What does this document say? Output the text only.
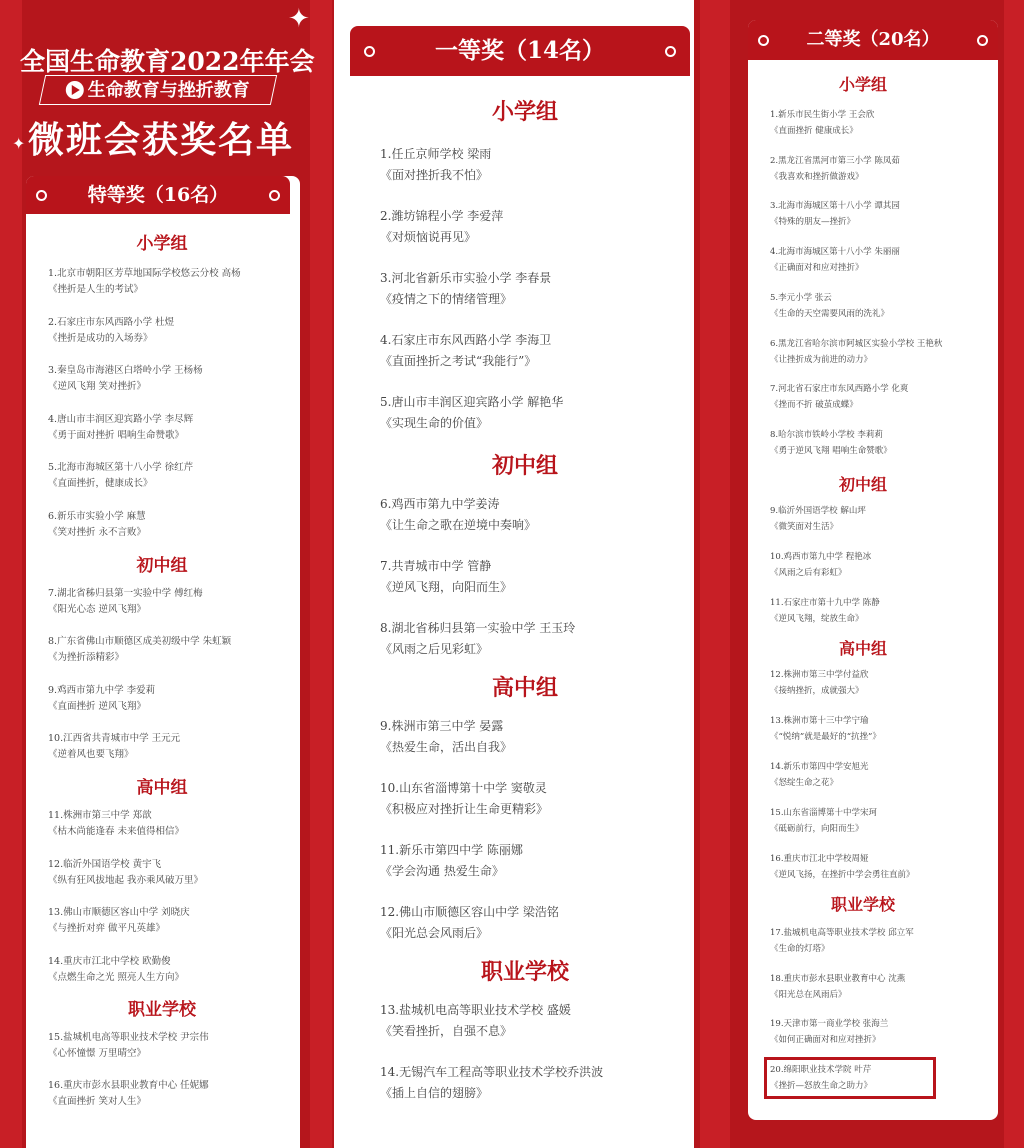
全国生命教育2022年年会
生命教育与挫折教育
微班会获奖名单
✦
✦
特等奖（16名）
一等奖（14名）	二等奖（20名）
小学组
1.北京市朝阳区芳草地国际学校悠云分校 高杨
《挫折是人生的考试》
2.石家庄市东风西路小学 杜煜
《挫折是成功的入场券》
3.秦皇岛市海港区白塔岭小学 王杨杨
《逆风飞翔 笑对挫折》
4.唐山市丰润区迎宾路小学 李尽辉
《勇于面对挫折 唱响生命赞歌》
5.北海市海城区第十八小学 徐红芹
《直面挫折，健康成长》
6.新乐市实验小学 麻慧
《笑对挫折 永不言败》
初中组
7.湖北省秭归县第一实验中学 傅红梅
《阳光心态 逆风飞翔》
8.广东省佛山市顺德区成美初级中学 朱虹颖
《为挫折添精彩》
9.鸡西市第九中学 李爱莉
《直面挫折 逆风飞翔》
10.江西省共青城市中学 王元元
《逆着风也要飞翔》
高中组
11.株洲市第三中学 郑歆
《枯木尚能逢春 未来值得相信》
12.临沂外国语学校 黄宇飞
《纵有狂风拔地起 我亦乘风破万里》
13.佛山市顺德区容山中学 刘晓庆
《与挫折对弈 做平凡英雄》
14.重庆市江北中学校 欧勤俊
《点燃生命之光 照亮人生方向》
职业学校
15.盐城机电高等职业技术学校 尹宗伟
《心怀憧憬 万里晴空》
16.重庆市彭水县职业教育中心 任妮娜
《直面挫折 笑对人生》
小学组
1.任丘京师学校 梁雨
《面对挫折我不怕》
2.潍坊锦程小学 李爱萍
《对烦恼说再见》
3.河北省新乐市实验小学 李春景
《疫情之下的情绪管理》
4.石家庄市东风西路小学 李海卫
《直面挫折之考试“我能行”》
5.唐山市丰润区迎宾路小学 解艳华
《实现生命的价值》
初中组
6.鸡西市第九中学姜涛
《让生命之歌在逆境中奏响》
7.共青城市中学 管静
《逆风飞翔，向阳而生》
8.湖北省秭归县第一实验中学 王玉玲
《风雨之后见彩虹》
高中组
9.株洲市第三中学 晏露
《热爱生命，活出自我》
10.山东省淄博第十中学 窦敬灵
《积极应对挫折让生命更精彩》
11.新乐市第四中学 陈丽娜
《学会沟通 热爱生命》
12.佛山市顺德区容山中学 梁浩铭
《阳光总会风雨后》
职业学校
13.盐城机电高等职业技术学校 盛媛
《笑看挫折，自强不息》
14.无锡汽车工程高等职业技术学校乔洪波
《插上自信的翅膀》
小学组
1.新乐市民生街小学 王会欣
《直面挫折 健康成长》
2.黑龙江省黑河市第三小学 陈凤茹
《我喜欢和挫折做游戏》
3.北海市海城区第十八小学 谭其园
《特殊的朋友—挫折》
4.北海市海城区第十八小学 朱丽丽
《正确面对和应对挫折》
5.李元小学 张云
《生命的天空需要风雨的洗礼》
6.黑龙江省哈尔滨市阿城区实验小学校 王艳秋
《让挫折成为前进的动力》
7.河北省石家庄市东风西路小学 化爽
《挫而不折 破茧成蝶》
8.哈尔滨市铁岭小学校 李莉莉
《勇于逆风飞翔 唱响生命赞歌》
初中组
9.临沂外国语学校 解山坪
《微笑面对生活》
10.鸡西市第九中学 程艳冰
《风雨之后有彩虹》
11.石家庄市第十九中学 陈静
《逆风飞翔，绽放生命》
高中组
12.株洲市第三中学付益欣
《接纳挫折，成就强大》
13.株洲市第十三中学宁瑜
《“悦纳”就是最好的“抗挫”》
14.新乐市第四中学安旭光
《怒绽生命之花》
15.山东省淄博第十中学宋珂
《砥砺前行，向阳而生》
16.重庆市江北中学校周娅
《逆风飞扬，在挫折中学会勇往直前》
职业学校
17.盐城机电高等职业技术学校 邱立军
《生命的灯塔》
18.重庆市彭水县职业教育中心 沈燕
《阳光总在风雨后》
19.天津市第一商业学校 张海兰
《如何正确面对和应对挫折》
20.绵阳职业技术学院 叶芹
《挫折—怒放生命之助力》
